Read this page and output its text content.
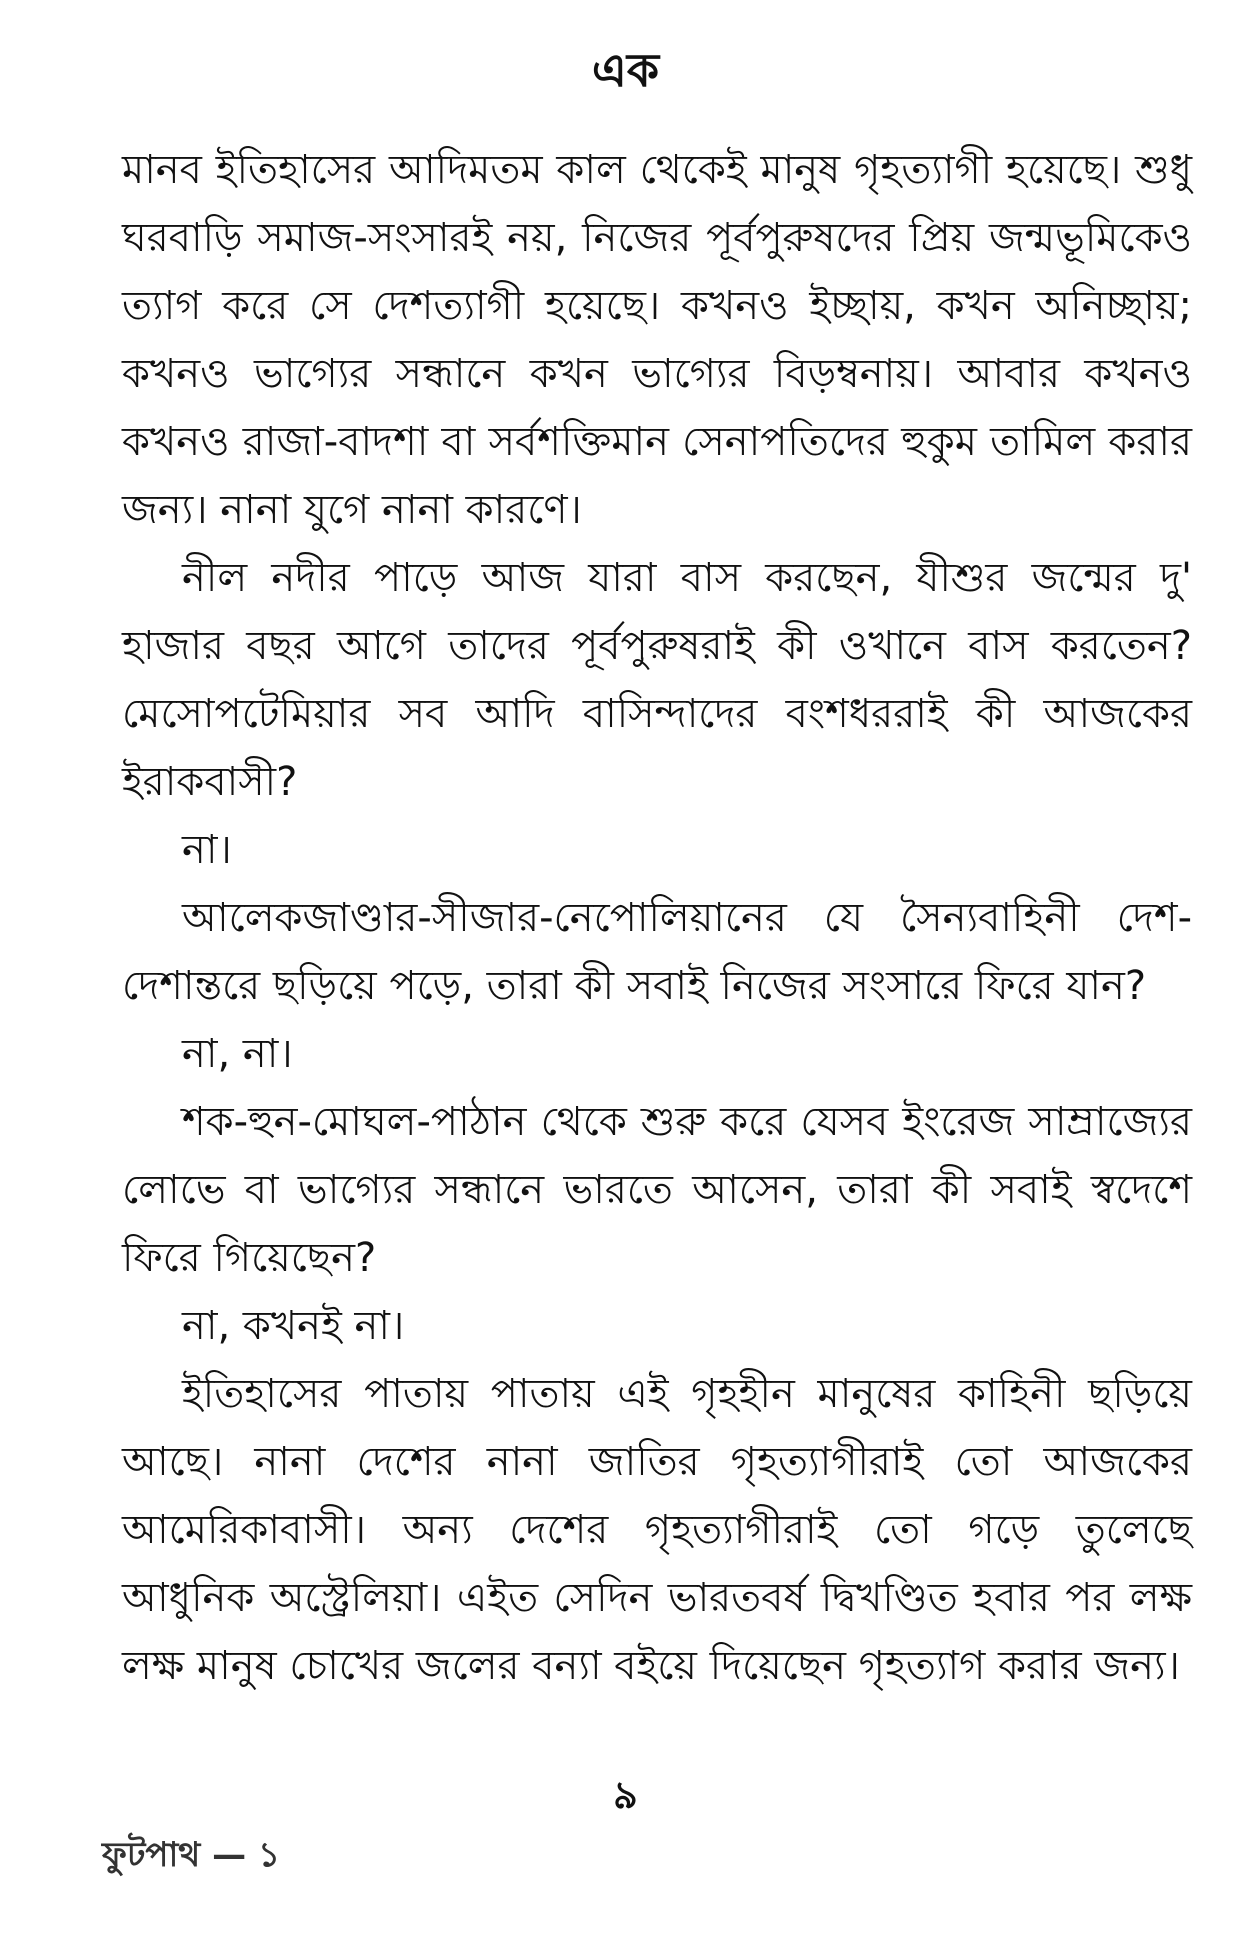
এক

মানব ইতিহাসের আদিমতম কাল থেকেই মানুষ গৃহত্যাগী হয়েছে। শুধু ঘরবাড়ি সমাজ-সংসারই নয়, নিজের পূর্বপুরুষদের প্রিয় জন্মভূমিকেও ত্যাগ করে সে দেশত্যাগী হয়েছে। কখনও ইচ্ছায়, কখন অনিচ্ছায়; কখনও ভাগ্যের সন্ধানে কখন ভাগ্যের বিড়ম্বনায়। আবার কখনও কখনও রাজা-বাদশা বা সর্বশক্তিমান সেনাপতিদের হুকুম তামিল করার জন্য। নানা যুগে নানা কারণে।

নীল নদীর পাড়ে আজ যারা বাস করছেন, যীশুর জন্মের দু' হাজার বছর আগে তাদের পূর্বপুরুষরাই কী ওখানে বাস করতেন? মেসোপটেমিয়ার সব আদি বাসিন্দাদের বংশধররাই কী আজকের ইরাকবাসী?

না।

আলেকজাণ্ডার-সীজার-নেপোলিয়ানের যে সৈন্যবাহিনী দেশ-দেশান্তরে ছড়িয়ে পড়ে, তারা কী সবাই নিজের সংসারে ফিরে যান?

না, না।

শক-হুন-মোঘল-পাঠান থেকে শুরু করে যেসব ইংরেজ সাম্রাজ্যের লোভে বা ভাগ্যের সন্ধানে ভারতে আসেন, তারা কী সবাই স্বদেশে ফিরে গিয়েছেন?

না, কখনই না।

ইতিহাসের পাতায় পাতায় এই গৃহহীন মানুষের কাহিনী ছড়িয়ে আছে। নানা দেশের নানা জাতির গৃহত্যাগীরাই তো আজকের আমেরিকাবাসী। অন্য দেশের গৃহত্যাগীরাই তো গড়ে তুলেছে আধুনিক অস্ট্রেলিয়া। এইত সেদিন ভারতবর্ষ দ্বিখণ্ডিত হবার পর লক্ষ লক্ষ মানুষ চোখের জলের বন্যা বইয়ে দিয়েছেন গৃহত্যাগ করার জন্য।

৯
ফুটপাথ — ১
